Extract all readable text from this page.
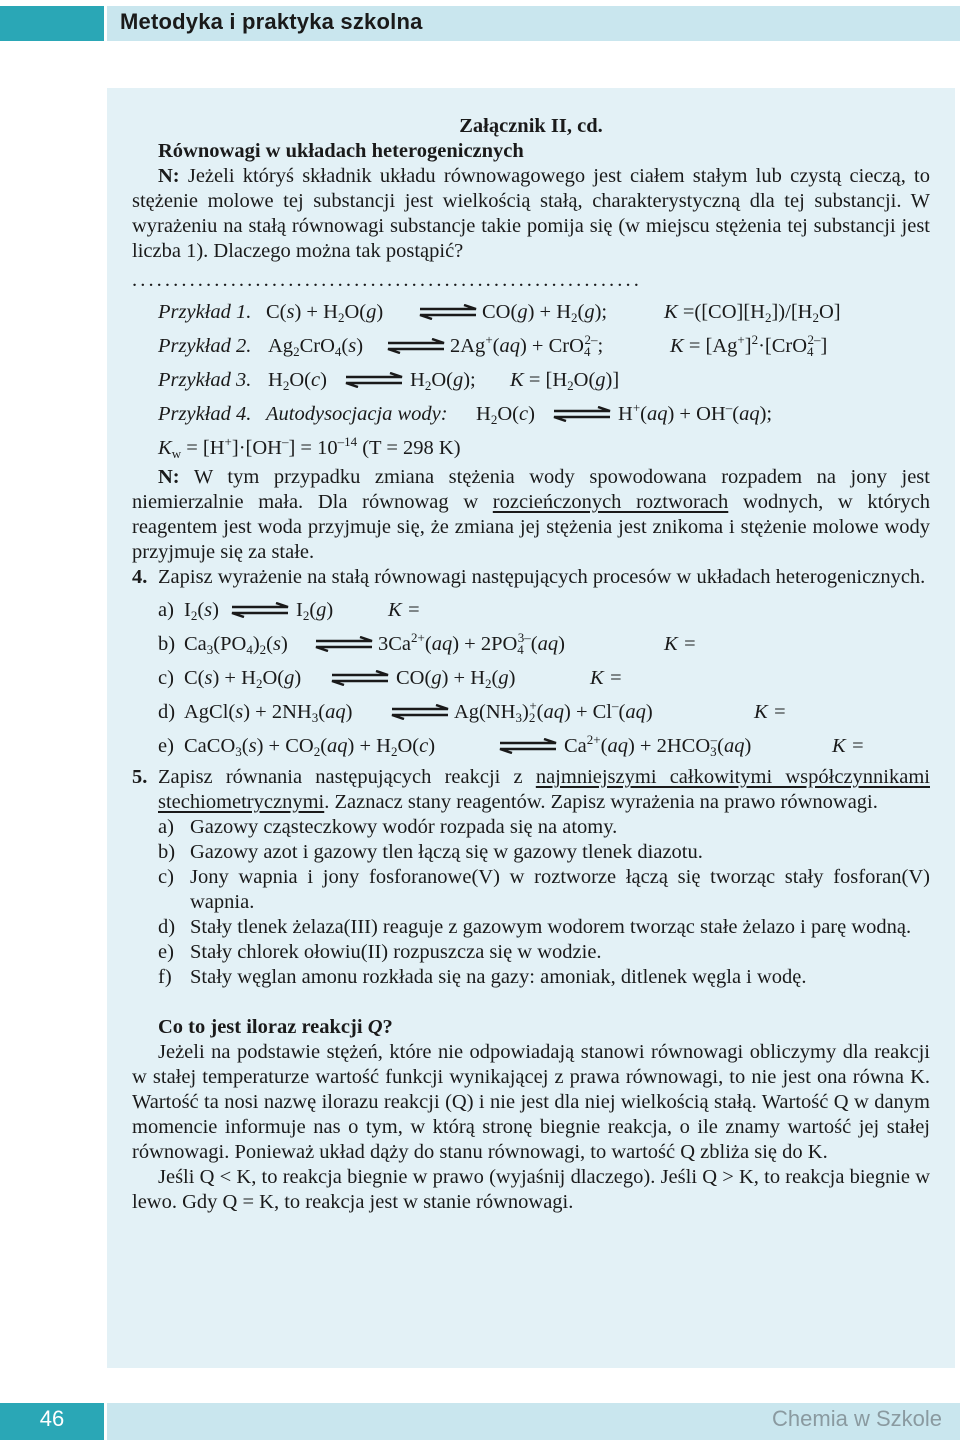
Metodyka i praktyka szkolna

Załącznik II, cd.

Równowagi w układach heterogenicznych

N: Jeżeli któryś składnik układu równowagowego jest ciałem stałym lub czystą cieczą, to stężenie molowe tej substancji jest wielkością stałą, charakterystyczną dla tej substancji. W wyrażeniu na stałą równowagi substancje takie pomija się (w miejscu stężenia tej substancji jest liczba 1). Dlaczego można tak postąpić?

..............................................................

Przykład 1. $C(s) + H_2O(g)$ ⇌ $CO(g) + H_2(g)$;	$K =([CO][H_2])/[H_2O]$
Przykład 2. $Ag_2CrO_4(s)$ ⇌ 2Ag+(aq) + CrO$_4^{2-}$;	$K = [Ag^+]^2\cdot[CrO_4^{2-}]$
Przykład 3. $H_2O(c)$ ⇌ $H_2O(g)$; $K = [H_2O(g)]$
Przykład 4. Autodysocjacja wody: $H_2O(c)$ ⇌ H+(aq) + OH–(aq);
$K_w = [H^+]\cdot[OH^-] = 10^{-14}$ (T = 298 K)

N: W tym przypadku zmiana stężenia wody spowodowana rozpadem na jony jest niemierzalnie mała. Dla równowag w rozcieńczonych roztworach wodnych, w których reagentem jest woda przyjmuje się, że zmiana jej stężenia jest znikoma i stężenie molowe wody przyjmuje się za stałe.

4. Zapisz wyrażenie na stałą równowagi następujących procesów w układach heterogenicznych.

a) $I_2(s)$ ⇌ $I_2(g)$	K =
b) $Ca_3(PO_4)_2(s)$ ⇌ $3Ca^{2+}(aq) + 2PO_4^{3-}(aq)$	K =
c) $C(s) + H_2O(g)$ ⇌ $CO(g) + H_2(g)$	K =
d) AgCl(s) + $2NH_3(aq)$ ⇌ $Ag(NH_3)_2^+(aq) + Cl^-(aq)$	K =
e) CaCO$_3$(s) + $CO_2(aq) + H_2O(c)$	⇌ $Ca^{2+}(aq) + 2HCO_3^-(aq)$	K =
5. Zapisz równania następujących reakcji z najmniejszymi całkowitymi współczynnikami stechiometrycznymi. Zaznacz stany reagentów. Zapisz wyrażenia na prawo równowagi.

a) Gazowy cząsteczkowy wodór rozpada się na atomy.

b) Gazowy azot i gazowy tlen łączą się w gazowy tlenek diazotu.

c) Jony wapnia i jony fosforanowe(V) w roztworze łączą się tworząc stały fosforan(V) wapnia.

d) Stały tlenek żelaza(III) reaguje z gazowym wodorem tworząc stałe żelazo i parę wodną.

e) Stały chlorek ołowiu(II) rozpuszcza się w wodzie.

f) Stały węglan amonu rozkłada się na gazy: amoniak, ditlenek węgla i wodę.

Co to jest iloraz reakcji Q?

Jeżeli na podstawie stężeń, które nie odpowiadają stanowi równowagi obliczymy dla reakcji w stałej temperaturze wartość funkcji wynikającej z prawa równowagi, to nie jest ona równa K. Wartość ta nosi nazwę ilorazu reakcji (Q) i nie jest dla niej wielkością stałą. Wartość Q w danym momencie informuje nas o tym, w którą stronę biegnie reakcja, o ile znamy wartość jej stałej równowagi. Ponieważ układ dąży do stanu równowagi, to wartość Q zbliża się do K.

Jeśli Q < K, to reakcja biegnie w prawo (wyjaśnij dlaczego). Jeśli Q > K, to reakcja biegnie w lewo. Gdy Q = K, to reakcja jest w stanie równowagi.

46	Chemia w Szkole
